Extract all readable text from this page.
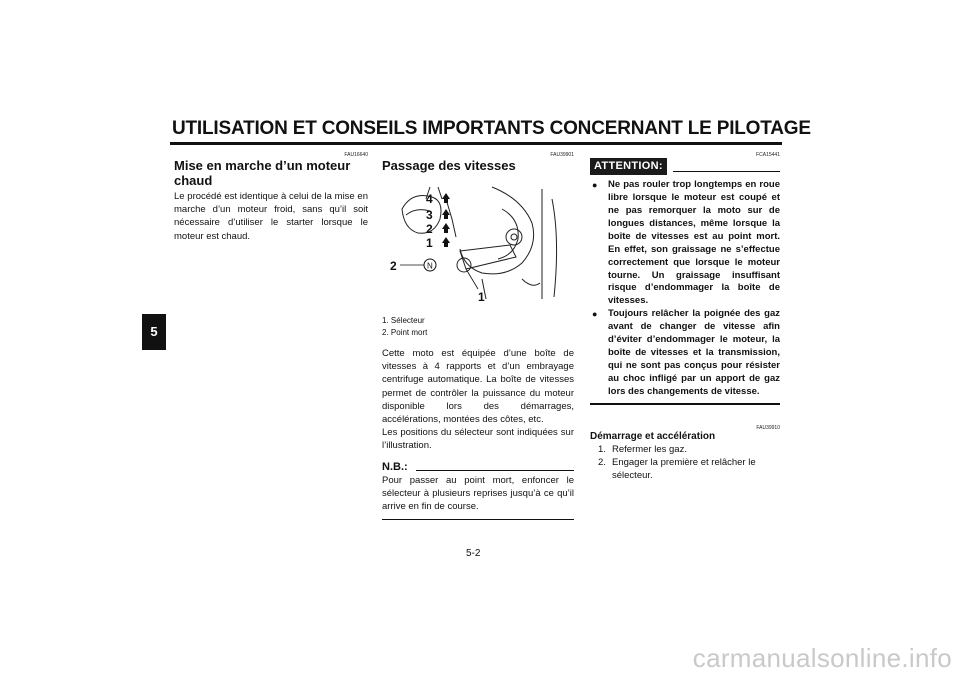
UTILISATION ET CONSEILS IMPORTANTS CONCERNANT LE PILOTAGE
5
FAU16640
Mise en marche d’un moteur chaud

Le procédé est identique à celui de la mise en marche d’un moteur froid, sans qu’il soit nécessaire d’utiliser le starter lorsque le moteur est chaud.

FAU39901
Passage des vitesses
4
3
2
1
N
2
1
1. Sélecteur
2. Point mort

Cette moto est équipée d’une boîte de vitesses à 4 rapports et d’un embrayage centrifuge automatique. La boîte de vitesses permet de contrôler la puissance du moteur disponible lors des démarrages, accélérations, montées des côtes, etc.

Les positions du sélecteur sont indiquées sur l’illustration.

N.B.:

Pour passer au point mort, enfoncer le sélecteur à plusieurs reprises jusqu’à ce qu’il arrive en fin de course.

FCA15441
ATTENTION:
● Ne pas rouler trop longtemps en roue libre lorsque le moteur est coupé et ne pas remorquer la moto sur de longues distances, même lorsque la boîte de vitesses est au point mort. En effet, son graissage ne s’effectue correctement que lorsque le moteur tourne. Un graissage insuffisant risque d’endommager la boîte de vitesses.
● Toujours relâcher la poignée des gaz avant de changer de vitesse afin d’éviter d’endommager le moteur, la boîte de vitesses et la transmission, qui ne sont pas conçus pour résister au choc infligé par un apport de gaz lors des changements de vitesse.
FAU39910
Démarrage et accélération
1. Refermer les gaz.
2. Engager la première et relâcher le sélecteur.
5-2
carmanualsonline.info
